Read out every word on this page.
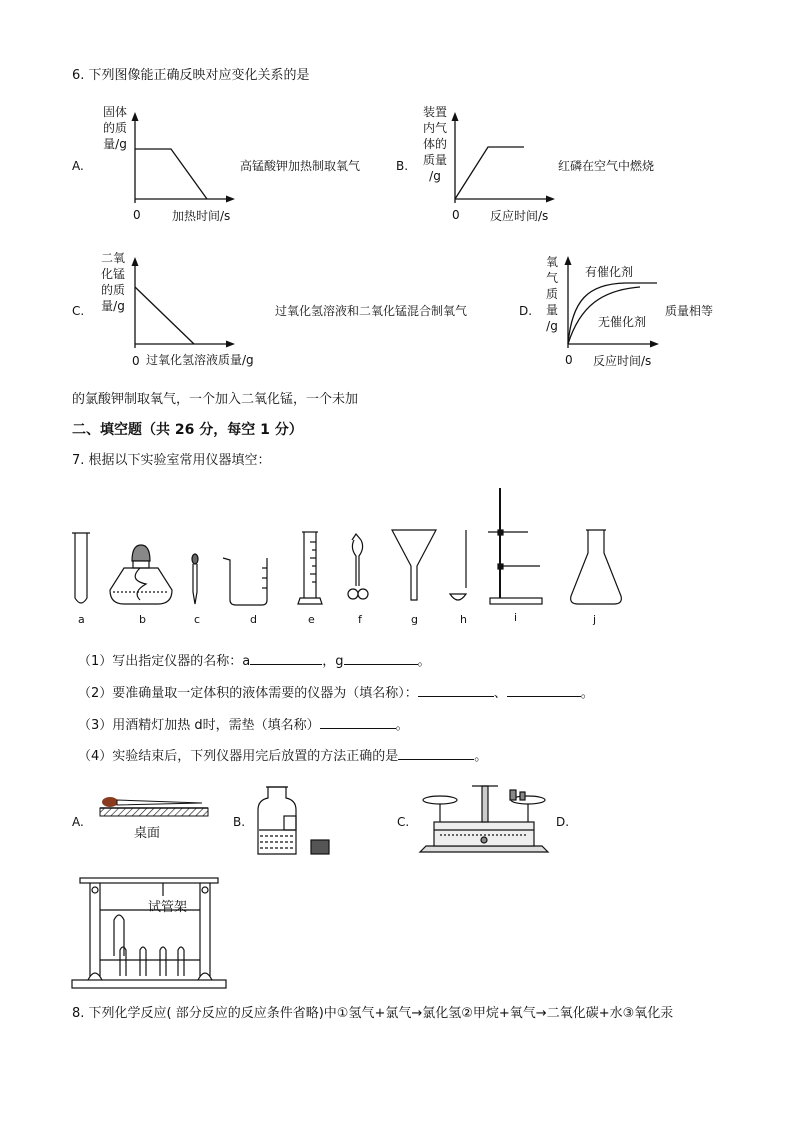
6. 下列图像能正确反映对应变化关系的是
A.
固体
的质
量/g
0	加热时间/s
高锰酸钾加热制取氧气	B.
装置
内气
体的
质量
/g
0	反应时间/s
红磷在空气中燃烧
C.
二氧
化锰
的质
量/g
0 过氧化氢溶液质量/g
过氧化氢溶液和二氧化锰混合制氧气	D.
氧
气
质
量
/g
0 反应时间/s
有催化剂
无催化剂
质量相等
的氯酸钾制取氧气，一个加入二氧化锰，一个未加
二、填空题（共 26 分，每空 1 分）
7. 根据以下实验室常用仪器填空：
a	b	c	d	e	f	g	h	i	j
（1）写出指定仪器的名称：a	，g	。
（2）要准确量取一定体积的液体需要的仪器为（填名称）：	、	。
（3）用酒精灯加热 d时，需垫（填名称）	。
（4）实验结束后，下列仪器用完后放置的方法正确的是	。
A.	B.	C.	D.
桌面
试管架
8. 下列化学反应( 部分反应的反应条件省略)中①氢气+氯气→氯化氢②甲烷+氧气→二氧化碳+水③氧化汞
